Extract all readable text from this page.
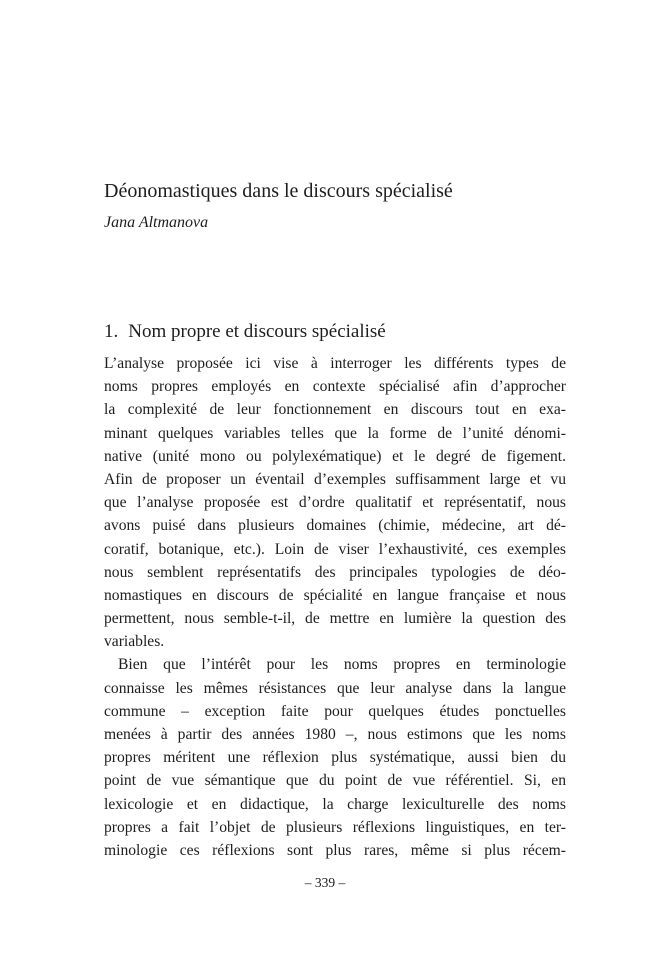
Déonomastiques dans le discours spécialisé

Jana Altmanova

1. Nom propre et discours spécialisé
L’analyse proposée ici vise à interroger les différents types de
noms propres employés en contexte spécialisé afin d’approcher
la complexité de leur fonctionnement en discours tout en exa-
minant quelques variables telles que la forme de l’unité dénomi-
native (unité mono ou polylexématique) et le degré de figement.
Afin de proposer un éventail d’exemples suffisamment large et vu
que l’analyse proposée est d’ordre qualitatif et représentatif, nous
avons puisé dans plusieurs domaines (chimie, médecine, art dé-
coratif, botanique, etc.). Loin de viser l’exhaustivité, ces exemples
nous semblent représentatifs des principales typologies de déo-
nomastiques en discours de spécialité en langue française et nous
permettent, nous semble-t-il, de mettre en lumière la question des
variables.
Bien que l’intérêt pour les noms propres en terminologie
connaisse les mêmes résistances que leur analyse dans la langue
commune – exception faite pour quelques études ponctuelles
menées à partir des années 1980 –, nous estimons que les noms
propres méritent une réflexion plus systématique, aussi bien du
point de vue sémantique que du point de vue référentiel. Si, en
lexicologie et en didactique, la charge lexiculturelle des noms
propres a fait l’objet de plusieurs réflexions linguistiques, en ter-
minologie ces réflexions sont plus rares, même si plus récem-
– 339 –
